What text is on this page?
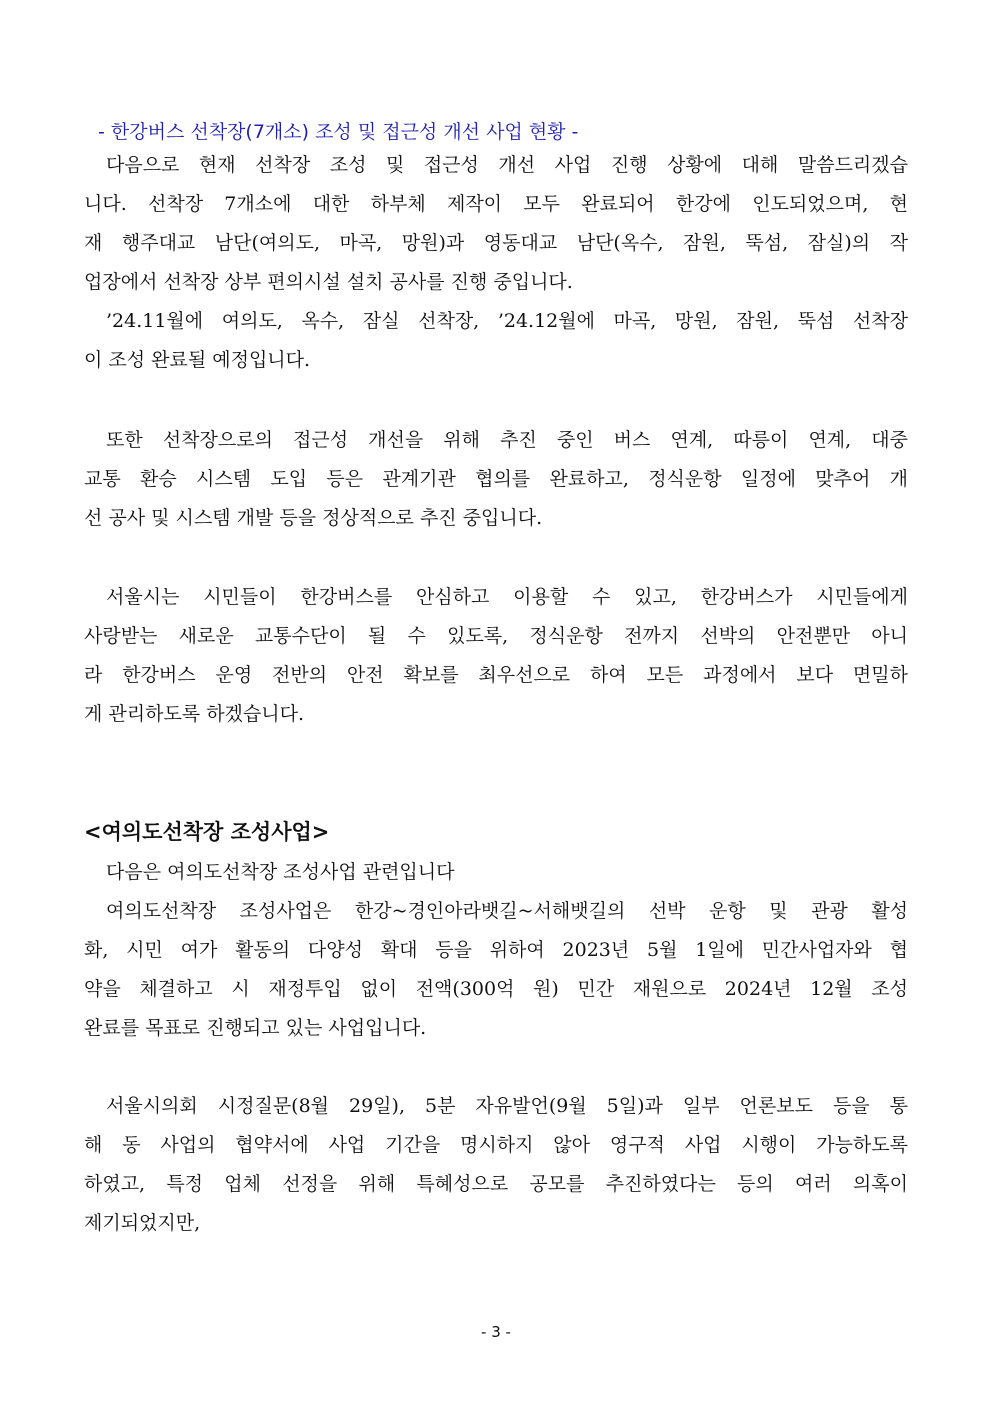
- 한강버스 선착장(7개소) 조성 및 접근성 개선 사업 현황 -
다음으로 현재 선착장 조성 및 접근성 개선 사업 진행 상황에 대해 말씀드리겠습
니다. 선착장 7개소에 대한 하부체 제작이 모두 완료되어 한강에 인도되었으며, 현
재 행주대교 남단(여의도, 마곡, 망원)과 영동대교 남단(옥수, 잠원, 뚝섬, 잠실)의 작
업장에서 선착장 상부 편의시설 설치 공사를 진행 중입니다.
’24.11월에 여의도, 옥수, 잠실 선착장, ’24.12월에 마곡, 망원, 잠원, 뚝섬 선착장
이 조성 완료될 예정입니다.
또한 선착장으로의 접근성 개선을 위해 추진 중인 버스 연계, 따릉이 연계, 대중
교통 환승 시스템 도입 등은 관계기관 협의를 완료하고, 정식운항 일정에 맞추어 개
선 공사 및 시스템 개발 등을 정상적으로 추진 중입니다.
서울시는 시민들이 한강버스를 안심하고 이용할 수 있고, 한강버스가 시민들에게
사랑받는 새로운 교통수단이 될 수 있도록, 정식운항 전까지 선박의 안전뿐만 아니
라 한강버스 운영 전반의 안전 확보를 최우선으로 하여 모든 과정에서 보다 면밀하
게 관리하도록 하겠습니다.
<여의도선착장 조성사업>
다음은 여의도선착장 조성사업 관련입니다
여의도선착장 조성사업은 한강~경인아라뱃길~서해뱃길의 선박 운항 및 관광 활성
화, 시민 여가 활동의 다양성 확대 등을 위하여 2023년 5월 1일에 민간사업자와 협
약을 체결하고 시 재정투입 없이 전액(300억 원) 민간 재원으로 2024년 12월 조성
완료를 목표로 진행되고 있는 사업입니다.
서울시의회 시정질문(8월 29일), 5분 자유발언(9월 5일)과 일부 언론보도 등을 통
해 동 사업의 협약서에 사업 기간을 명시하지 않아 영구적 사업 시행이 가능하도록
하였고, 특정 업체 선정을 위해 특혜성으로 공모를 추진하였다는 등의 여러 의혹이
제기되었지만,
- 3 -
